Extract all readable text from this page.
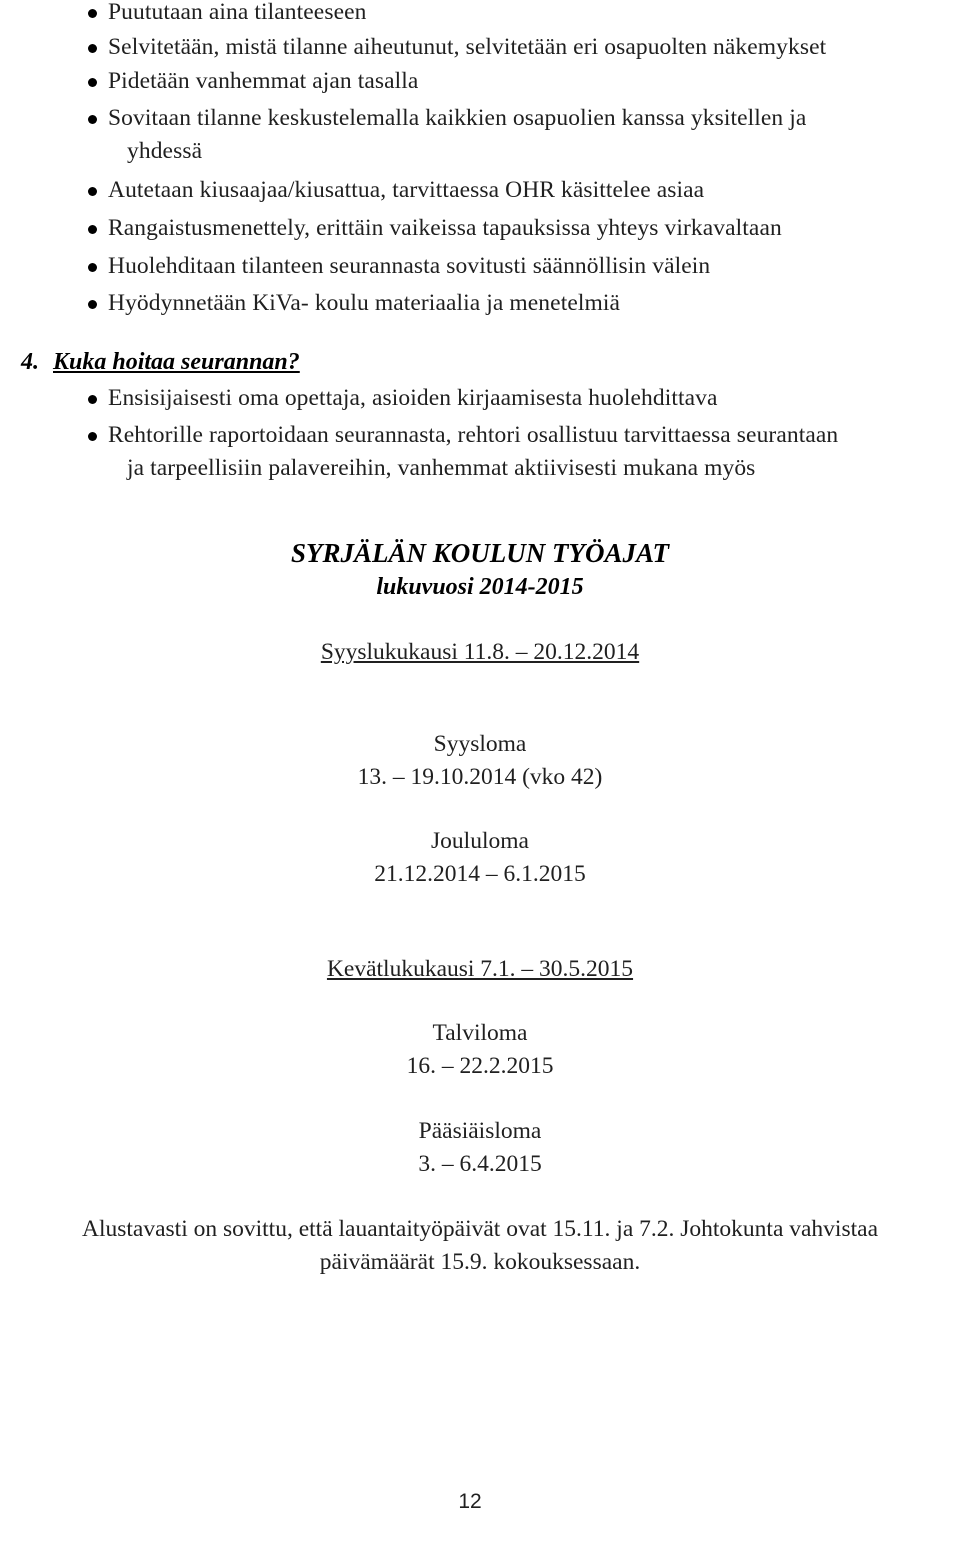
Puututaan aina tilanteeseen
Selvitetään, mistä tilanne aiheutunut, selvitetään eri osapuolten näkemykset
Pidetään vanhemmat ajan tasalla
Sovitaan tilanne keskustelemalla kaikkien osapuolien kanssa yksitellen ja
yhdessä
Autetaan kiusaajaa/kiusattua, tarvittaessa OHR käsittelee asiaa
Rangaistusmenettely, erittäin vaikeissa tapauksissa yhteys virkavaltaan
Huolehditaan tilanteen seurannasta sovitusti säännöllisin välein
Hyödynnetään KiVa- koulu materiaalia ja menetelmiä
4. Kuka hoitaa seurannan?
Ensisijaisesti oma opettaja, asioiden kirjaamisesta huolehdittava
Rehtorille raportoidaan seurannasta, rehtori osallistuu tarvittaessa seurantaan
ja tarpeellisiin palavereihin, vanhemmat aktiivisesti mukana myös
SYRJÄLÄN KOULUN TYÖAJAT
lukuvuosi 2014-2015
Syyslukukausi 11.8. – 20.12.2014
Syysloma
13. – 19.10.2014 (vko 42)
Joululoma
21.12.2014 – 6.1.2015
Kevätlukukausi 7.1. – 30.5.2015
Talviloma
16. – 22.2.2015
Pääsiäisloma
3. – 6.4.2015
Alustavasti on sovittu, että lauantaityöpäivät ovat 15.11. ja 7.2. Johtokunta vahvistaa
päivämäärät 15.9. kokouksessaan.
12
